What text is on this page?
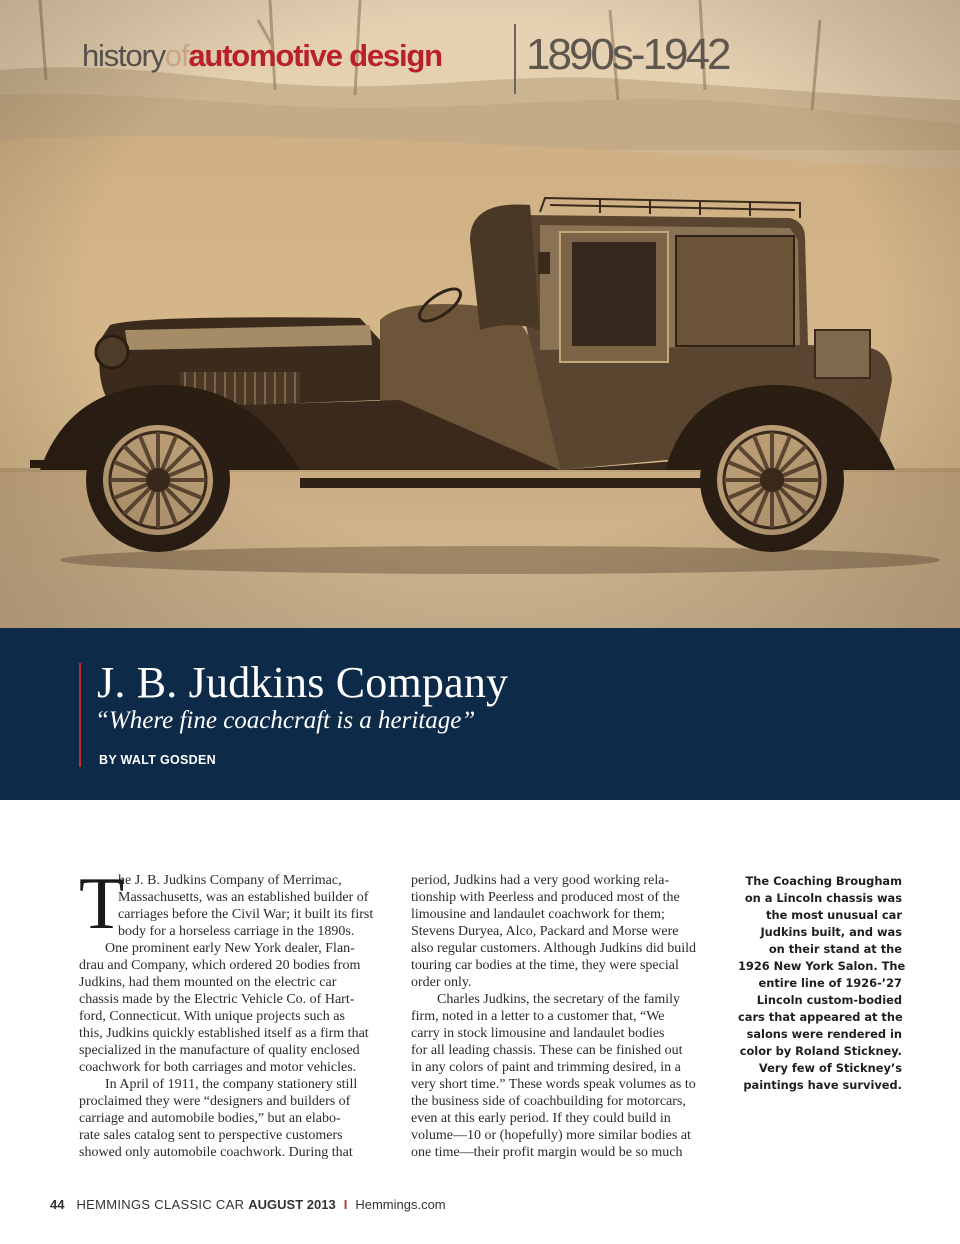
historyofautomotive design 1890s-1942
J. B. Judkins Company
“Where fine coachcraft is a heritage”
BY WALT GOSDEN
T

he J. B. Judkins Company of Merrimac,

Massachusetts, was an established builder of

carriages before the Civil War; it built its first

body for a horseless carriage in the 1890s.

One prominent early New York dealer, Flan-

drau and Company, which ordered 20 bodies from

Judkins, had them mounted on the electric car

chassis made by the Electric Vehicle Co. of Hart-

ford, Connecticut. With unique projects such as

this, Judkins quickly established itself as a firm that

specialized in the manufacture of quality enclosed

coachwork for both carriages and motor vehicles.

In April of 1911, the company stationery still

proclaimed they were “designers and builders of

carriage and automobile bodies,” but an elabo-

rate sales catalog sent to perspective customers

showed only automobile coachwork. During that

period, Judkins had a very good working rela-

tionship with Peerless and produced most of the

limousine and landaulet coachwork for them;

Stevens Duryea, Alco, Packard and Morse were

also regular customers. Although Judkins did build

touring car bodies at the time, they were special

order only.

Charles Judkins, the secretary of the family

firm, noted in a letter to a customer that, “We

carry in stock limousine and landaulet bodies

for all leading chassis. These can be finished out

in any colors of paint and trimming desired, in a

very short time.” These words speak volumes as to

the business side of coachbuilding for motorcars,

even at this early period. If they could build in

volume—10 or (hopefully) more similar bodies at

one time—their profit margin would be so much

The Coaching Brougham

on a Lincoln chassis was

the most unusual car

Judkins built, and was

on their stand at the

1926 New York Salon. The

entire line of 1926-’27

Lincoln custom-bodied

cars that appeared at the

salons were rendered in

color by Roland Stickney.

Very few of Stickney’s

paintings have survived.

44 HEMMINGS CLASSIC CAR AUGUST 2013 I Hemmings.com
